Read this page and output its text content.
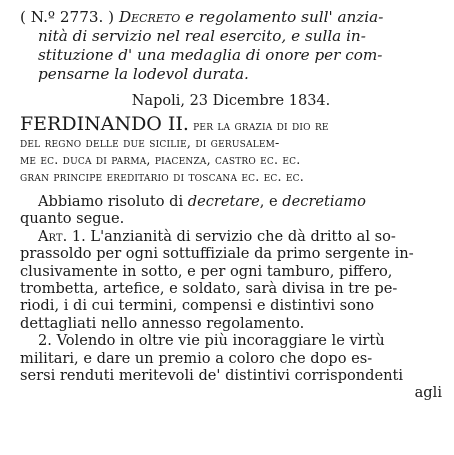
( N.º 2773. ) Decreto e regolamento sull' anzia-
nità di servizio nel real esercito, e sulla in-
stituzione d' una medaglia di onore per com-
pensarne la lodevol durata.

Napoli, 23 Dicembre 1834.

FERDINANDO II. per la grazia di dio re
del regno delle due sicilie, di gerusalem-
me ec. duca di parma, piacenza, castro ec. ec.
gran principe ereditario di toscana ec. ec. ec.

Abbiamo risoluto di decretare, e decretiamo
quanto segue.

Art. 1. L'anzianità di servizio che dà dritto al so-
prassoldo per ogni sottuffiziale da primo sergente in-
clusivamente in sotto, e per ogni tamburo, piffero,
trombetta, artefice, e soldato, sarà divisa in tre pe-
riodi, i di cui termini, compensi e distintivi sono
dettagliati nello annesso regolamento.

2. Volendo in oltre vie più incoraggiare le virtù
militari, e dare un premio a coloro che dopo es-
sersi renduti meritevoli de' distintivi corrispondenti

agli
